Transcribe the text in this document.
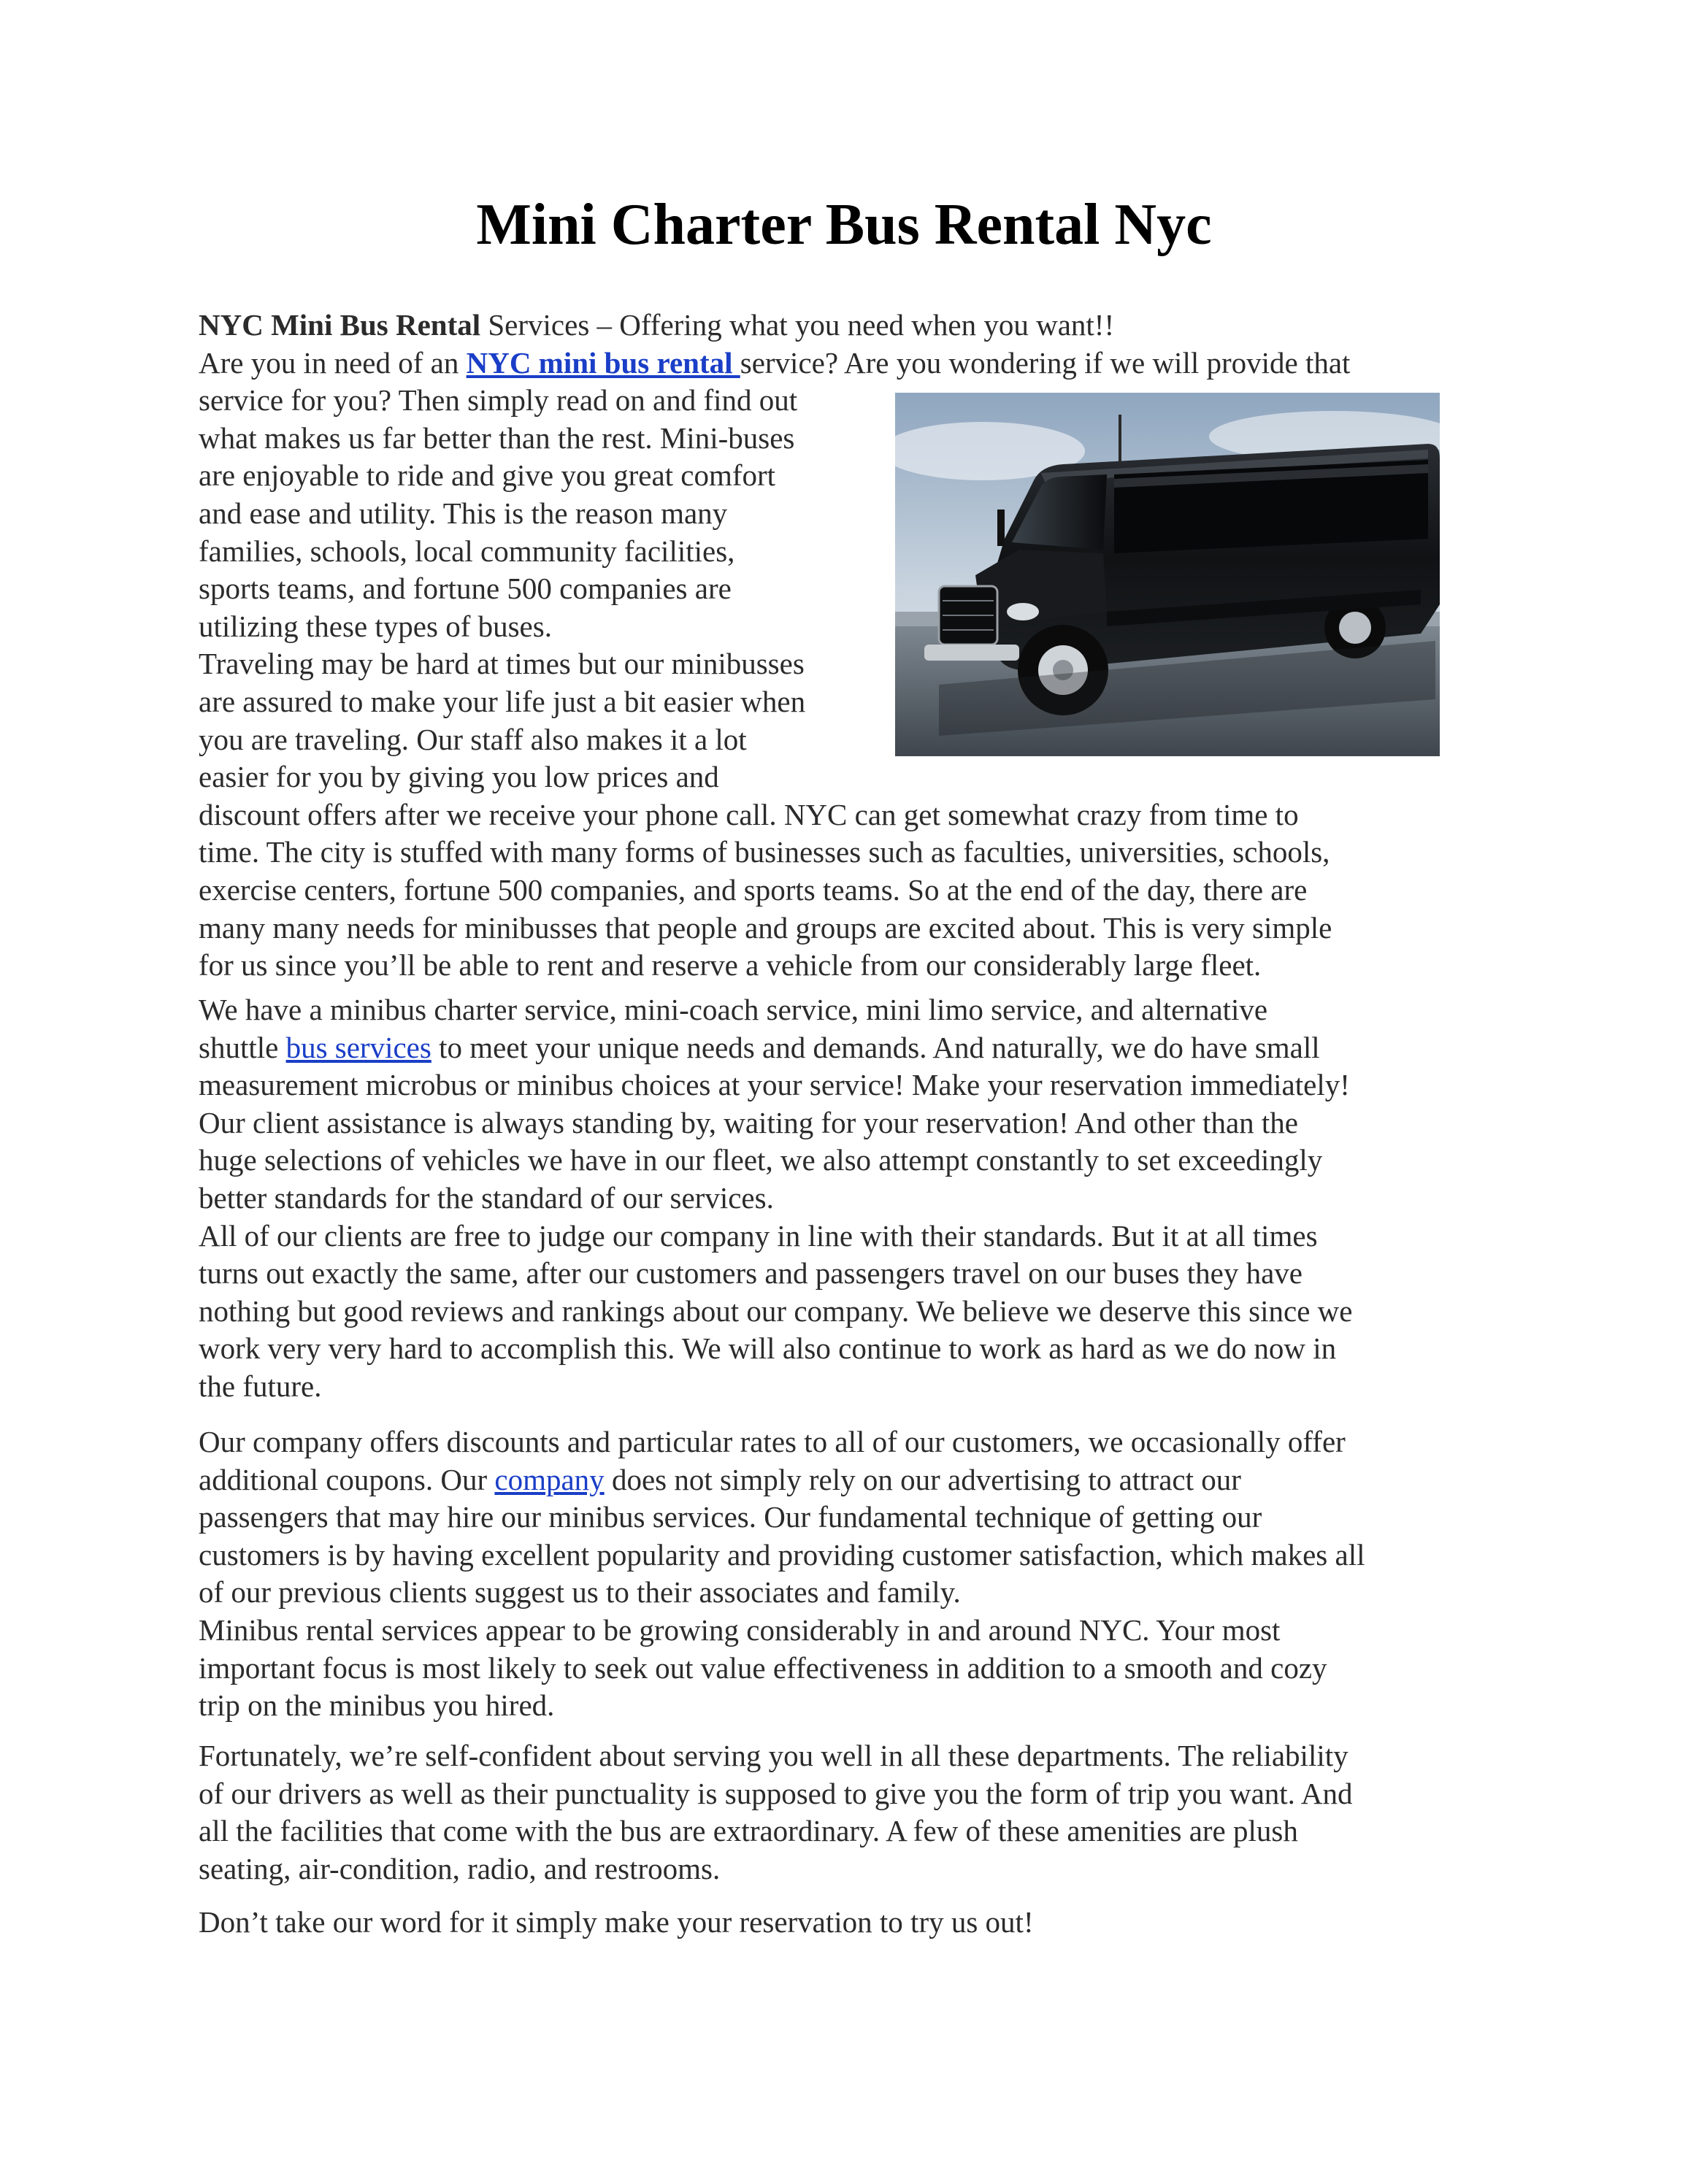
Mini Charter Bus Rental Nyc
NYC Mini Bus Rental Services – Offering what you need when you want!!
Are you in need of an NYC mini bus rental service? Are you wondering if we will provide that
service for you? Then simply read on and find out
what makes us far better than the rest. Mini-buses
are enjoyable to ride and give you great comfort
and ease and utility. This is the reason many
families, schools, local community facilities,
sports teams, and fortune 500 companies are
utilizing these types of buses.
Traveling may be hard at times but our minibusses
are assured to make your life just a bit easier when
you are traveling. Our staff also makes it a lot
easier for you by giving you low prices and
discount offers after we receive your phone call. NYC can get somewhat crazy from time to
time. The city is stuffed with many forms of businesses such as faculties, universities, schools,
exercise centers, fortune 500 companies, and sports teams. So at the end of the day, there are
many many needs for minibusses that people and groups are excited about. This is very simple
for us since you’ll be able to rent and reserve a vehicle from our considerably large fleet.
We have a minibus charter service, mini-coach service, mini limo service, and alternative
shuttle bus services to meet your unique needs and demands. And naturally, we do have small
measurement microbus or minibus choices at your service! Make your reservation immediately!
Our client assistance is always standing by, waiting for your reservation! And other than the
huge selections of vehicles we have in our fleet, we also attempt constantly to set exceedingly
better standards for the standard of our services.
All of our clients are free to judge our company in line with their standards. But it at all times
turns out exactly the same, after our customers and passengers travel on our buses they have
nothing but good reviews and rankings about our company. We believe we deserve this since we
work very very hard to accomplish this. We will also continue to work as hard as we do now in
the future.
Our company offers discounts and particular rates to all of our customers, we occasionally offer
additional coupons. Our company does not simply rely on our advertising to attract our
passengers that may hire our minibus services. Our fundamental technique of getting our
customers is by having excellent popularity and providing customer satisfaction, which makes all
of our previous clients suggest us to their associates and family.
Minibus rental services appear to be growing considerably in and around NYC. Your most
important focus is most likely to seek out value effectiveness in addition to a smooth and cozy
trip on the minibus you hired.
Fortunately, we’re self-confident about serving you well in all these departments. The reliability
of our drivers as well as their punctuality is supposed to give you the form of trip you want. And
all the facilities that come with the bus are extraordinary. A few of these amenities are plush
seating, air-condition, radio, and restrooms.
Don’t take our word for it simply make your reservation to try us out!
